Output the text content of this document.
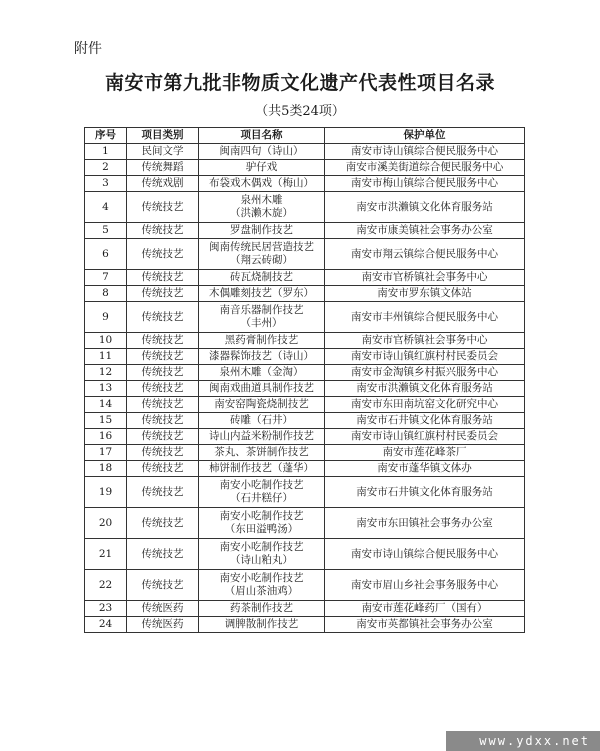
附件
南安市第九批非物质文化遗产代表性项目名录
（共5类24项）
序号	项目类别	项目名称	保护单位
1	民间文学	闽南四句（诗山）	南安市诗山镇综合便民服务中心
2	传统舞蹈	驴仔戏	南安市溪美街道综合便民服务中心
3	传统戏剧	布袋戏木偶戏（梅山）	南安市梅山镇综合便民服务中心
4	传统技艺	泉州木雕
（洪濑木旋）	南安市洪濑镇文化体育服务站
5	传统技艺	罗盘制作技艺	南安市康美镇社会事务办公室
6	传统技艺	闽南传统民居营造技艺
（翔云砖砌）	南安市翔云镇综合便民服务中心
7	传统技艺	砖瓦烧制技艺	南安市官桥镇社会事务中心
8	传统技艺	木偶雕刻技艺（罗东）	南安市罗东镇文体站
9	传统技艺	南音乐器制作技艺
（丰州）	南安市丰州镇综合便民服务中心
10	传统技艺	黑药膏制作技艺	南安市官桥镇社会事务中心
11	传统技艺	漆器髹饰技艺（诗山）	南安市诗山镇红旗村村民委员会
12	传统技艺	泉州木雕（金淘）	南安市金淘镇乡村振兴服务中心
13	传统技艺	闽南戏曲道具制作技艺	南安市洪濑镇文化体育服务站
14	传统技艺	南安窑陶瓷烧制技艺	南安市东田南坑窑文化研究中心
15	传统技艺	砖雕（石井）	南安市石井镇文化体育服务站
16	传统技艺	诗山内益米粉制作技艺	南安市诗山镇红旗村村民委员会
17	传统技艺	茶丸、茶饼制作技艺	南安市莲花峰茶厂
18	传统技艺	柿饼制作技艺（蓬华）	南安市蓬华镇文体办
19	传统技艺	南安小吃制作技艺
（石井糕仔）	南安市石井镇文化体育服务站
20	传统技艺	南安小吃制作技艺
（东田溢鸭汤）	南安市东田镇社会事务办公室
21	传统技艺	南安小吃制作技艺
（诗山粕丸）	南安市诗山镇综合便民服务中心
22	传统技艺	南安小吃制作技艺
（眉山茶油鸡）	南安市眉山乡社会事务服务中心
23	传统医药	药茶制作技艺	南安市莲花峰药厂（国有）
24	传统医药	调脾散制作技艺	南安市英都镇社会事务办公室
www.ydxx.net
